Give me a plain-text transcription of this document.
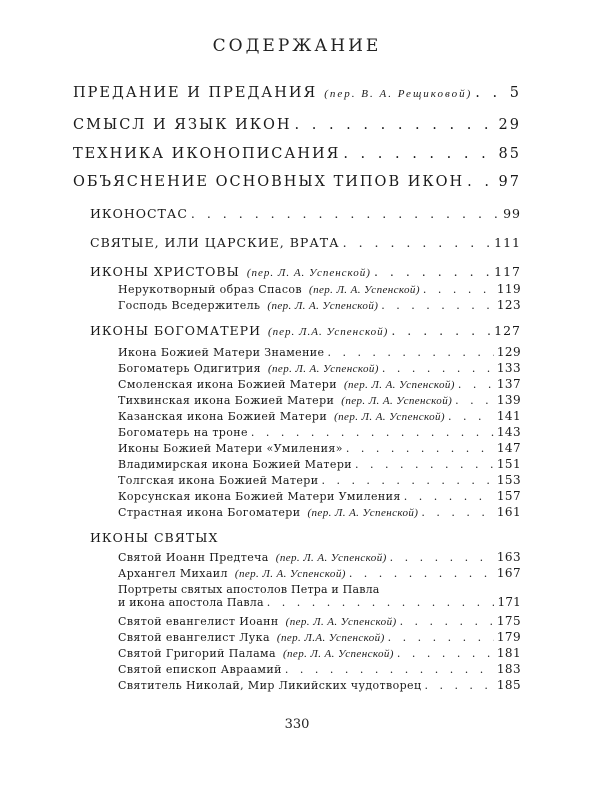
СОДЕРЖАНИЕ
ПРЕДАНИЕ И ПРЕДАНИЯ (пер. В. А. Рещиковой) . . .	5
СМЫСЛ И ЯЗЫК ИКОН . . .	29
ТЕХНИКА ИКОНОПИСАНИЯ . . .	85
ОБЪЯСНЕНИЕ ОСНОВНЫХ ТИПОВ ИКОН . . . 97
ИКОНОСТАС . . .	99
СВЯТЫЕ, ИЛИ ЦАРСКИЕ, ВРАТА . . .	111
ИКОНЫ ХРИСТОВЫ (пер. Л. А. Успенской) . . .	117
Нерукотворный образ Спасов (пер. Л. А. Успенской) . . .	119
Господь Вседержитель (пер. Л. А. Успенской) . . .	123
ИКОНЫ БОГОМАТЕРИ (пер. Л.А. Успенской) . . .	127
Икона Божией Матери Знамение . . .	129
Богоматерь Одигитрия (пер. Л. А. Успенской) . . .	133
Смоленская икона Божией Матери (пер. Л. А. Успенской) . . .	137
Тихвинская икона Божией Матери (пер. Л. А. Успенской) . . .	139
Казанская икона Божией Матери (пер. Л. А. Успенской) . . .	141
Богоматерь на троне . . .	143
Иконы Божией Матери «Умиления» . . .	147
Владимирская икона Божией Матери . . .	151
Толгская икона Божией Матери . . .	153
Корсунская икона Божией Матери Умиления . . .	157
Страстная икона Богоматери (пер. Л. А. Успенской) . . .	161
ИКОНЫ СВЯТЫХ
Святой Иоанн Предтеча (пер. Л. А. Успенской) . . .	163
Архангел Михаил (пер. Л. А. Успенской) . . .	167
Портреты святых апостолов Петра и Павла
и икона апостола Павла . . .	171
Святой евангелист Иоанн (пер. Л. А. Успенской) . . .	175
Святой евангелист Лука (пер. Л.А. Успенской) . . .	179
Святой Григорий Палама (пер. Л. А. Успенской) . . .	181
Святой епископ Авраамий . . .	183
Святитель Николай, Мир Ликийских чудотворец . . .	185
330
